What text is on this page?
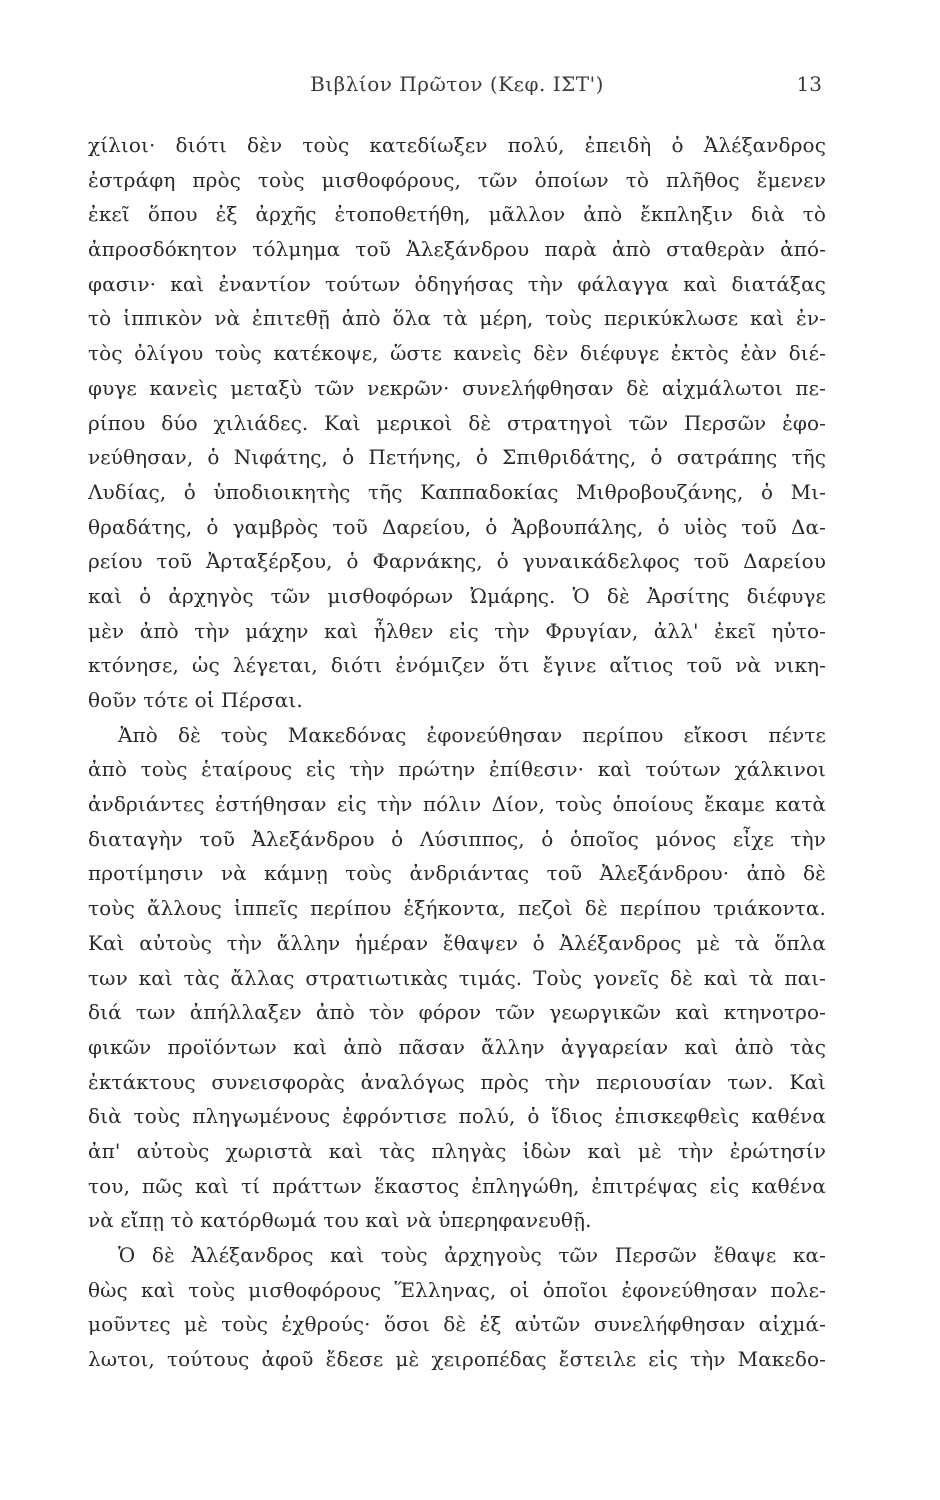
Βιβλίον Πρῶτον (Κεφ. ΙΣΤ')	13
χίλιοι· διότι δὲν τοὺς κατεδίωξεν πολύ, ἐπειδὴ ὁ Ἀλέξανδρος
ἐστράφη πρὸς τοὺς μισθοφόρους, τῶν ὁποίων τὸ πλῆθος ἔμενεν
ἐκεῖ ὅπου ἐξ ἀρχῆς ἐτοποθετήθη, μᾶλλον ἀπὸ ἔκπληξιν διὰ τὸ
ἀπροσδόκητον τόλμημα τοῦ Ἀλεξάνδρου παρὰ ἀπὸ σταθερὰν ἀπό-
φασιν· καὶ ἐναντίον τούτων ὁδηγήσας τὴν φάλαγγα καὶ διατάξας
τὸ ἱππικὸν νὰ ἐπιτεθῇ ἀπὸ ὅλα τὰ μέρη, τοὺς περικύκλωσε καὶ ἐν-
τὸς ὀλίγου τοὺς κατέκοψε, ὥστε κανεὶς δὲν διέφυγε ἐκτὸς ἐὰν διέ-
φυγε κανεὶς μεταξὺ τῶν νεκρῶν· συνελήφθησαν δὲ αἰχμάλωτοι πε-
ρίπου δύο χιλιάδες. Καὶ μερικοὶ δὲ στρατηγοὶ τῶν Περσῶν ἐφο-
νεύθησαν, ὁ Νιφάτης, ὁ Πετήνης, ὁ Σπιθριδάτης, ὁ σατράπης τῆς
Λυδίας, ὁ ὑποδιοικητὴς τῆς Καππαδοκίας Μιθροβουζάνης, ὁ Μι-
θραδάτης, ὁ γαμβρὸς τοῦ Δαρείου, ὁ Ἀρβουπάλης, ὁ υἱὸς τοῦ Δα-
ρείου τοῦ Ἀρταξέρξου, ὁ Φαρνάκης, ὁ γυναικάδελφος τοῦ Δαρείου
καὶ ὁ ἀρχηγὸς τῶν μισθοφόρων Ὠμάρης. Ὁ δὲ Ἀρσίτης διέφυγε
μὲν ἀπὸ τὴν μάχην καὶ ἦλθεν εἰς τὴν Φρυγίαν, ἀλλ' ἐκεῖ ηὐτο-
κτόνησε, ὡς λέγεται, διότι ἐνόμιζεν ὅτι ἔγινε αἴτιος τοῦ νὰ νικη-
θοῦν τότε οἱ Πέρσαι.
Ἀπὸ δὲ τοὺς Μακεδόνας ἐφονεύθησαν περίπου εἴκοσι πέντε
ἀπὸ τοὺς ἑταίρους εἰς τὴν πρώτην ἐπίθεσιν· καὶ τούτων χάλκινοι
ἀνδριάντες ἐστήθησαν εἰς τὴν πόλιν Δίον, τοὺς ὁποίους ἔκαμε κατὰ
διαταγὴν τοῦ Ἀλεξάνδρου ὁ Λύσιππος, ὁ ὁποῖος μόνος εἶχε τὴν
προτίμησιν νὰ κάμνῃ τοὺς ἀνδριάντας τοῦ Ἀλεξάνδρου· ἀπὸ δὲ
τοὺς ἄλλους ἱππεῖς περίπου ἑξήκοντα, πεζοὶ δὲ περίπου τριάκοντα.
Καὶ αὐτοὺς τὴν ἄλλην ἡμέραν ἔθαψεν ὁ Ἀλέξανδρος μὲ τὰ ὅπλα
των καὶ τὰς ἄλλας στρατιωτικὰς τιμάς. Τοὺς γονεῖς δὲ καὶ τὰ παι-
διά των ἀπήλλαξεν ἀπὸ τὸν φόρον τῶν γεωργικῶν καὶ κτηνοτρο-
φικῶν προϊόντων καὶ ἀπὸ πᾶσαν ἄλλην ἀγγαρείαν καὶ ἀπὸ τὰς
ἐκτάκτους συνεισφορὰς ἀναλόγως πρὸς τὴν περιουσίαν των. Καὶ
διὰ τοὺς πληγωμένους ἐφρόντισε πολύ, ὁ ἴδιος ἐπισκεφθεὶς καθένα
ἀπ' αὐτοὺς χωριστὰ καὶ τὰς πληγὰς ἰδὼν καὶ μὲ τὴν ἐρώτησίν
του, πῶς καὶ τί πράττων ἕκαστος ἐπληγώθη, ἐπιτρέψας εἰς καθένα
νὰ εἴπῃ τὸ κατόρθωμά του καὶ νὰ ὑπερηφανευθῇ.
Ὁ δὲ Ἀλέξανδρος καὶ τοὺς ἀρχηγοὺς τῶν Περσῶν ἔθαψε κα-
θὼς καὶ τοὺς μισθοφόρους Ἕλληνας, οἱ ὁποῖοι ἐφονεύθησαν πολε-
μοῦντες μὲ τοὺς ἐχθρούς· ὅσοι δὲ ἐξ αὐτῶν συνελήφθησαν αἰχμά-
λωτοι, τούτους ἀφοῦ ἔδεσε μὲ χειροπέδας ἔστειλε εἰς τὴν Μακεδο-
